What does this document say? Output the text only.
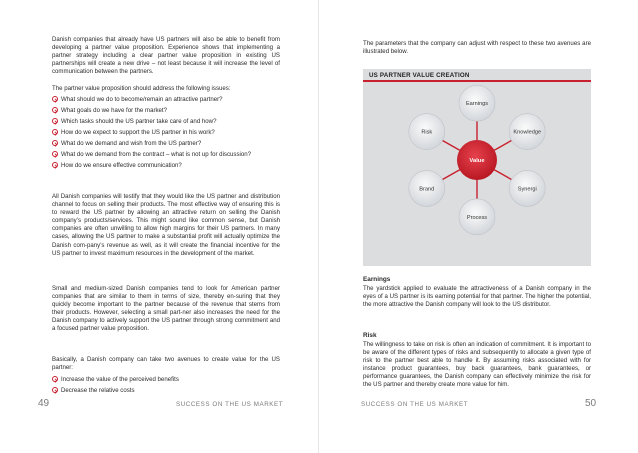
Danish companies that already have US partners will also be able to benefit from developing a partner value proposition. Experience shows that implementing a partner strategy including a clear partner value proposition in existing US partnerships will create a new drive – not least because it will increase the level of communication between the partners.

The partner value proposition should address the following issues:

What should we do to become/remain an attractive partner?
What goals do we have for the market?
Which tasks should the US partner take care of and how?
How do we expect to support the US partner in his work?
What do we demand and wish from the US partner?
What do we demand from the contract – what is not up for discussion?
How do we ensure effective communication?

All Danish companies will testify that they would like the US partner and distribution channel to focus on selling their products. The most effective way of ensuring this is to reward the US partner by allowing an attractive return on selling the Danish company’s products/services. This might sound like common sense, but Danish companies are often unwilling to allow high margins for their US partners. In many cases, allowing the US partner to make a substantial profit will actually optimize the Danish com-pany’s revenue as well, as it will create the financial incentive for the US partner to invest maximum resources in the development of the market.

Small and medium-sized Danish companies tend to look for American partner companies that are similar to them in terms of size, thereby en-suring that they quickly become important to the partner because of the revenue that stems from their products. However, selecting a small part-ner also increases the need for the Danish company to actively support the US partner through strong commitment and a focused partner value proposition.

Basically, a Danish company can take two avenues to create value for the US partner:

Increase the value of the perceived benefits
Decrease the relative costs
49	SUCCESS ON THE US MARKET

The parameters that the company can adjust with respect to these two avenues are illustrated below.

Earnings

The yardstick applied to evaluate the attractiveness of a Danish company in the eyes of a US partner is its earning potential for that partner. The higher the potential, the more attractive the Danish company will look to the US distributor.

Risk

The willingness to take on risk is often an indication of commitment. It is important to be aware of the different types of risks and subsequently to allocate a given type of risk to the partner best able to handle it. By assuming risks associated with for instance product guarantees, buy back guarantees, bank guarantees, or performance guarantees, the Danish company can effectively minimize the risk for the US partner and thereby create more value for him.

SUCCESS ON THE US MARKET	50
US PARTNER VALUE CREATION
Earnings
Knowledge
Synergi
Process
Brand
Risk
Value
